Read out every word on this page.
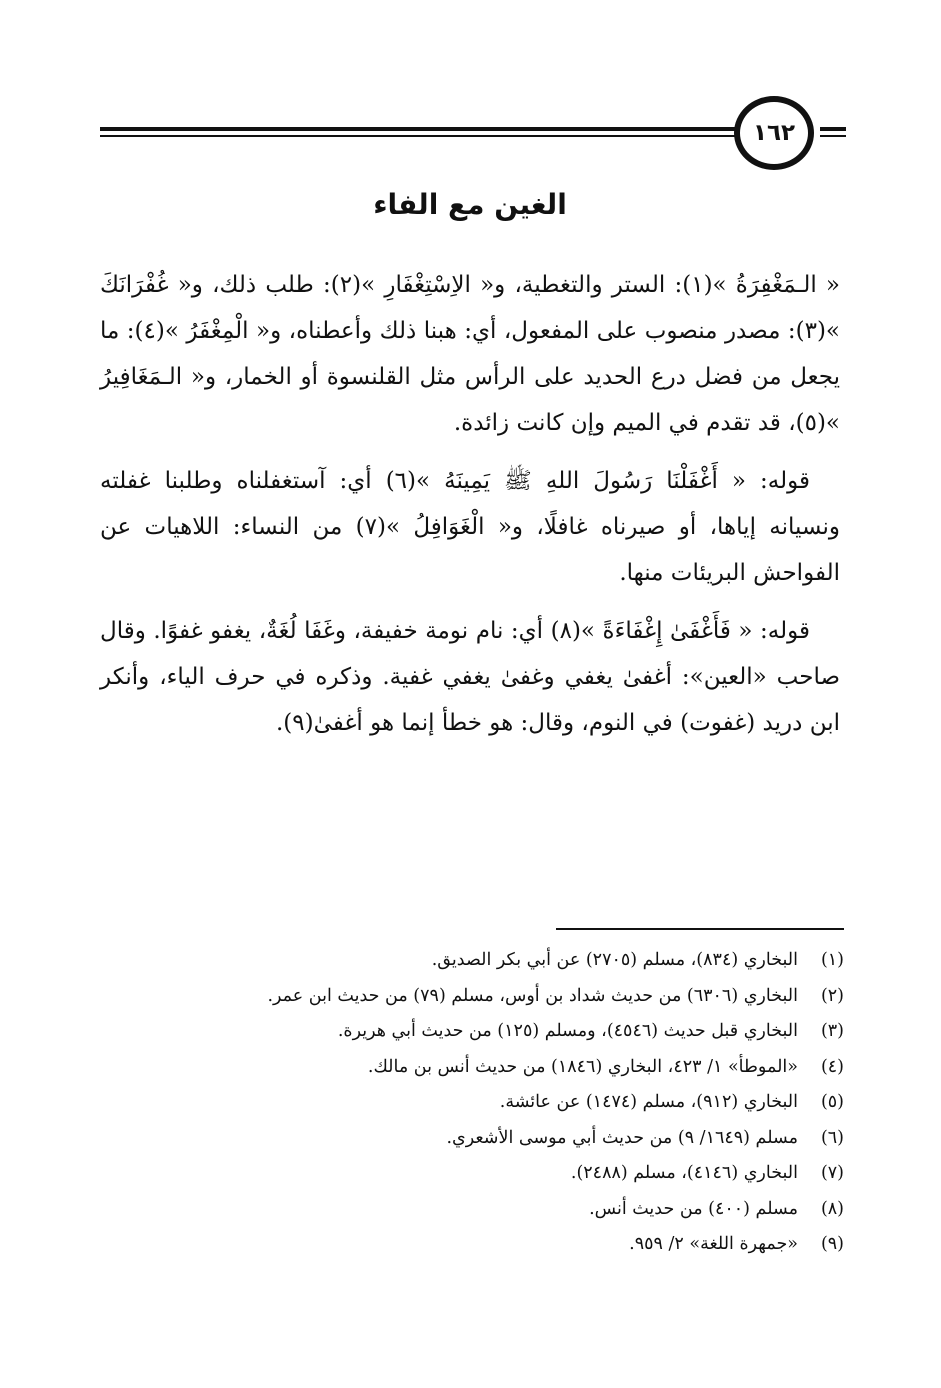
١٦٢
الغين مع الفاء

« الـمَغْفِرَةُ »(١): الستر والتغطية، و« الاِسْتِغْفَارِ »(٢): طلب ذلك، و« غُفْرَانَكَ »(٣): مصدر منصوب على المفعول، أي: هبنا ذلك وأعطناه، و« الْمِغْفَرُ »(٤): ما يجعل من فضل درع الحديد على الرأس مثل القلنسوة أو الخمار، و« الـمَغَافِيرُ »(٥)، قد تقدم في الميم وإن كانت زائدة.

قوله: « أَغْفَلْنَا رَسُولَ اللهِ ﷺ يَمِينَهُ »(٦) أي: آستغفلناه وطلبنا غفلته ونسيانه إياها، أو صيرناه غافلًا، و« الْغَوَافِلُ »(٧) من النساء: اللاهيات عن الفواحش البريئات منها.

قوله: « فَأَغْفَىٰ إِغْفَاءَةً »(٨) أي: نام نومة خفيفة، وغَفَا لُغَةٌ، يغفو غفوًا. وقال صاحب «العين»: أغفىٰ يغفي وغفىٰ يغفي غفية. وذكره في حرف الياء، وأنكر ابن دريد (غفوت) في النوم، وقال: هو خطأ إنما هو أغفىٰ(٩).

(١)البخاري (٨٣٤)، مسلم (٢٧٠٥) عن أبي بكر الصديق.
(٢)البخاري (٦٣٠٦) من حديث شداد بن أوس، مسلم (٧٩) من حديث ابن عمر.
(٣)البخاري قبل حديث (٤٥٤٦)، ومسلم (١٢٥) من حديث أبي هريرة.
(٤)«الموطأ» ١/ ٤٢٣، البخاري (١٨٤٦) من حديث أنس بن مالك.
(٥)البخاري (٩١٢)، مسلم (١٤٧٤) عن عائشة.
(٦)مسلم (١٦٤٩/ ٩) من حديث أبي موسى الأشعري.
(٧)البخاري (٤١٤٦)، مسلم (٢٤٨٨).
(٨)مسلم (٤٠٠) من حديث أنس.
(٩)«جمهرة اللغة» ٢/ ٩٥٩.
